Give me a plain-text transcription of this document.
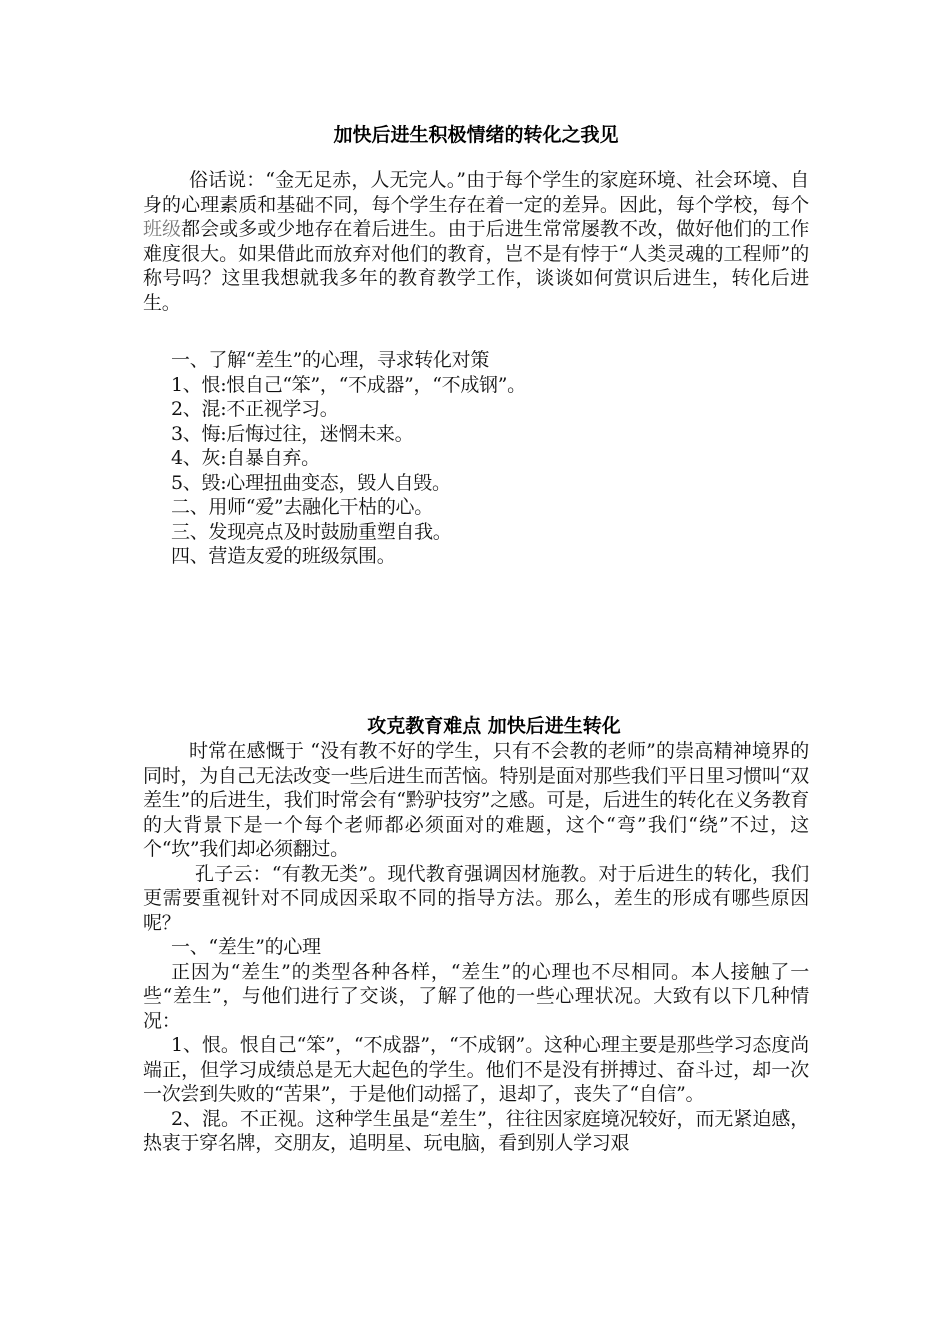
加快后进生积极情绪的转化之我见

俗话说：“金无足赤，人无完人。”由于每个学生的家庭环境、社会环境、自身的心理素质和基础不同，每个学生存在着一定的差异。因此，每个学校，每个班级都会或多或少地存在着后进生。由于后进生常常屡教不改，做好他们的工作难度很大。如果借此而放弃对他们的教育，岂不是有悖于“人类灵魂的工程师”的称号吗？这里我想就我多年的教育教学工作，谈谈如何赏识后进生，转化后进生。

一、了解“差生”的心理，寻求转化对策

1、恨:恨自己“笨”，“不成器”，“不成钢”。

2、混:不正视学习。

3、悔:后悔过往，迷惘未来。

4、灰:自暴自弃。

5、毁:心理扭曲变态，毁人自毁。

二、用师“爱”去融化干枯的心。

三、发现亮点及时鼓励重塑自我。

四、营造友爱的班级氛围。

攻克教育难点 加快后进生转化

时常在感慨于 “没有教不好的学生，只有不会教的老师”的崇高精神境界的同时，为自己无法改变一些后进生而苦恼。特别是面对那些我们平日里习惯叫“双差生”的后进生，我们时常会有“黔驴技穷”之感。可是，后进生的转化在义务教育的大背景下是一个每个老师都必须面对的难题，这个“弯”我们“绕”不过，这个“坎”我们却必须翻过。

孔子云：“有教无类”。现代教育强调因材施教。对于后进生的转化，我们更需要重视针对不同成因采取不同的指导方法。那么，差生的形成有哪些原因呢？

一、“差生”的心理

正因为“差生”的类型各种各样，“差生”的心理也不尽相同。本人接触了一些“差生”，与他们进行了交谈，了解了他的一些心理状况。大致有以下几种情况：

1、恨。恨自己“笨”，“不成器”，“不成钢”。这种心理主要是那些学习态度尚端正，但学习成绩总是无大起色的学生。他们不是没有拼搏过、奋斗过，却一次一次尝到失败的“苦果”，于是他们动摇了，退却了，丧失了“自信”。

2、混。不正视。这种学生虽是“差生”，往往因家庭境况较好，而无紧迫感，热衷于穿名牌，交朋友，追明星、玩电脑，看到别人学习艰
